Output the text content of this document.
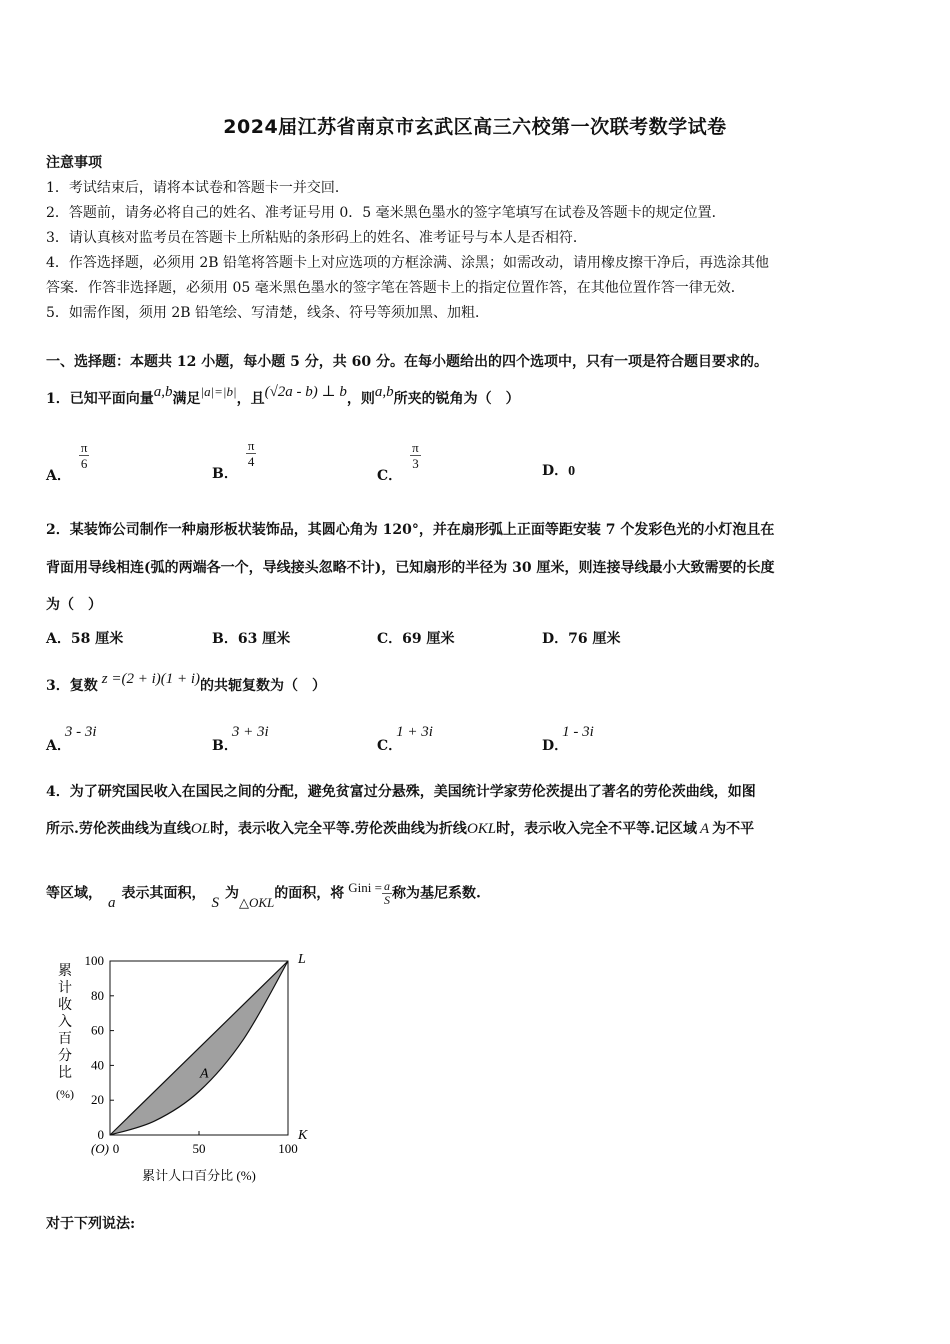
2024届江苏省南京市玄武区高三六校第一次联考数学试卷
注意事项
1．考试结束后，请将本试卷和答题卡一并交回．
2．答题前，请务必将自己的姓名、准考证号用 0．5 毫米黑色墨水的签字笔填写在试卷及答题卡的规定位置．
3．请认真核对监考员在答题卡上所粘贴的条形码上的姓名、准考证号与本人是否相符．
4．作答选择题，必须用 2B 铅笔将答题卡上对应选项的方框涂满、涂黑；如需改动，请用橡皮擦干净后，再选涂其他
答案．作答非选择题，必须用 05 毫米黑色墨水的签字笔在答题卡上的指定位置作答，在其他位置作答一律无效．
5．如需作图，须用 2B 铅笔绘、写清楚，线条、符号等须加黑、加粗．
一、选择题：本题共 12 小题，每小题 5 分，共 60 分。在每小题给出的四个选项中，只有一项是符合题目要求的。
1．已知平面向量a,b满足|a|=|b|，且(√2a - b) ⊥ b，则a,b所夹的锐角为（　）
A．
$\frac{\pi}{6}$
B．
$\frac{\pi}{4}$
C．
$\frac{\pi}{3}$	D．0
2．某装饰公司制作一种扇形板状装饰品，其圆心角为 120°，并在扇形弧上正面等距安装 7 个发彩色光的小灯泡且在
背面用导线相连(弧的两端各一个，导线接头忽略不计)，已知扇形的半径为 30 厘米，则连接导线最小大致需要的长度
为（　）
A．58 厘米	B．63 厘米	C．69 厘米	D．76 厘米
3．复数 z =(2 + i)(1 + i)的共轭复数为（　）
A．3 - 3i
B．3 + 3i
C．1 + 3i
D．1 - 3i
4．为了研究国民收入在国民之间的分配，避免贫富过分悬殊，美国统计学家劳伦茨提出了著名的劳伦茨曲线，如图
所示.劳伦茨曲线为直线OL时，表示收入完全平等.劳伦茨曲线为折线OKL时，表示收入完全不平等.记区域 A 为不平
等区域，a表示其面积，S为△OKL的面积，将 Gini = $\frac{a}{S}$ 称为基尼系数.
100
80
60
40
20
0
0	50	100
(O)
L
K
A
累
计
收
入
百
分
比
(%)
累计人口百分比 (%)
对于下列说法:
